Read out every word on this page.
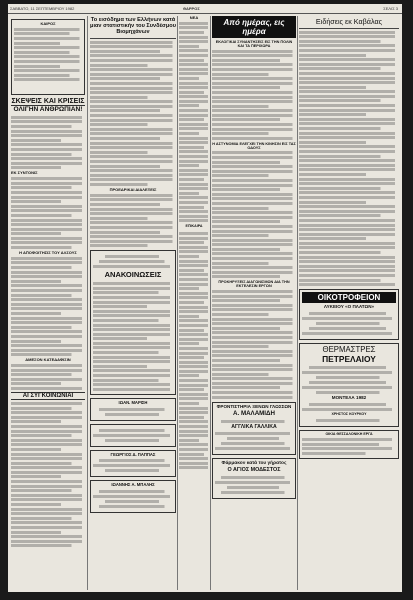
ΣΑΒΒΑΤΟ, 11 ΣΕΠΤΕΜΒΡΙΟΥ 1982	ΘΑΡΡΟΣ	ΣΕΛΙΣ 3
ΚΑΙΡΟΣ
ΣΚΕΨΕΙΣ ΚΑΙ ΚΡΙΣΕΙΣ
ΟΛΙΓΗΝ ΑΝΘΡΩΠΙΑΝ!
ΕΚ ΣΥΝΤΟΝΙΣ
Η ΑΠΟΦΟΙΤΗΣΙΣ ΤΟΥ ΑΛΣΟΥΣ
ΑΜΕΣΟΝ ΚΑΤΕΔΑΦΙΣΙΝ
ΑΙ ΣΥΓΚΟΙΝΩΝΙΑΙ
Το εισόδημα των Ελλήνων κατά μιαν στατιστικήν του Συνδέσμου Βιομηχάνων
ΠΡΟΕΔΡΙΚΑΙ ΔΙΑΛΕΞΕΙΣ
ΑΝΑΚΟΙΝΩΣΕΙΣ
ΙΩΑΝ. ΜΑΡΙΣΗ
ΓΕΩΡΓΙΟΣ Δ. ΠΑΠΠΑΣ
ΙΩΑΝΝΗΣ Α. ΜΠΑΛΗΣ
ΝΕΑ
ΕΠΙΚΑΙΡΑ
Από ημέρας, εις ημέρα
ΕΚΛΟΓΙΚΑΙ ΣΥΝΑΝΤΗΣΕΙΣ ΕΙΣ ΤΗΝ ΠΟΛΙΝ ΚΑΙ ΤΑ ΠΕΡΙΧΩΡΑ
Η ΑΣΤΥΝΟΜΙΑ ΕΛΕΓΧΕΙ ΤΗΝ ΚΙΝΗΣΙΝ ΕΙΣ ΤΑΣ ΟΔΟΥΣ
ΠΡΟΚΗΡΥΞΕΙΣ ΔΙΑΓΩΝΙΣΜΩΝ ΔΙΑ ΤΗΝ ΕΚΤΕΛΕΣΙΝ ΕΡΓΩΝ
ΦΡΟΝΤΙΣΤΗΡΙΑ ΞΕΝΩΝ ΓΛΩΣΣΩΝ
Α. ΜΑΛΑΜΙΔΗ
ΑΓΓΛΙΚΑ ΓΑΛΛΙΚΑ
Φάρμακον κατά του γήρατος
Ο ΑΓΙΟΣ ΜΟΔΕΣΤΟΣ
Ειδήσεις εκ Καβάλας
ΟΙΚΟΤΡΟΦΕΙΟΝ
ΛΥΚΕΙΟΥ «Ο ΠΛΑΤΩΝ»
ΘΕΡΜΑΣΤΡΕΣ
ΠΕΤΡΕΛΑΙΟΥ
ΜΟΝΤΕΛΑ 1982
ΧΡΗΣΤΟΣ ΚΟΥΡΚΟΥ
ΟΙΚΙΑ ΘΕΣΣΑΛΟΝΙΚΗ ΕΡΓΑ
